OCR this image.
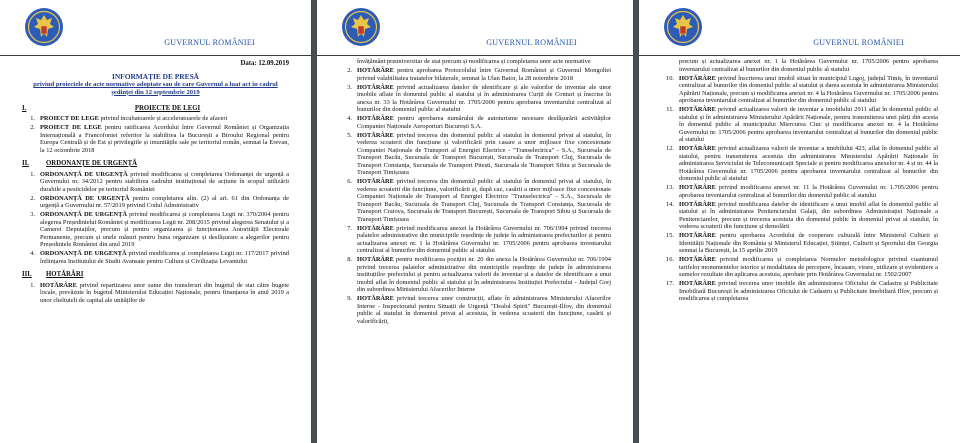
GUVERNUL ROMÂNIEI
Data: 12.09.2019
INFORMAȚIE DE PRESĂ
privind proiectele de acte normative adoptate sau de care Guvernul a luat act în cadrul ședinței din 12 septembrie 2019
I.	PROIECTE DE LEGI
1. PROIECT DE LEGE privind incubatoarele și acceleratoarele de afaceri
2. PROIECT DE LEGE pentru ratificarea Acordului între Guvernul României și Organizația Internațională a Francofoniei referitor la stabilirea la București a Biroului Regional pentru Europa Centrală și de Est și privilegiile și imunitățile sale pe teritoriul român, semnat la Erevan, la 12 octombrie 2018
II.	ORDONANȚE DE URGENȚĂ
1. ORDONANȚĂ DE URGENȚĂ privind modificarea și completarea Ordonanței de urgență a Guvernului nr. 34/2012 pentru stabilirea cadrului instituțional de acțiune în scopul utilizării durabile a pesticidelor pe teritoriul României
2. ORDONANȚĂ DE URGENȚĂ pentru completarea alin. (2) al art. 61 din Ordonanța de urgență a Guvernului nr. 57/2019 privind Codul Administrativ
3. ORDONANȚĂ DE URGENȚĂ privind modificarea și completarea Legii nr. 370/2004 pentru alegerea Președintelui României și modificarea Legii nr. 208/2015 privind alegerea Senatului și a Camerei Deputaților, precum și pentru organizarea și funcționarea Autorității Electorale Permanente, precum și unele măsuri pentru buna organizare și desfășurare a alegerilor pentru Președintele României din anul 2019
4. ORDONANȚĂ DE URGENȚĂ privind modificarea și completarea Legii nr. 117/2017 privind înființarea Institutului de Studii Avansate pentru Cultura și Civilizația Levantului
III.	HOTĂRÂRI
1. HOTĂRÂRE privind repartizarea unor sume din transferuri din bugetul de stat către bugete locale, prevăzute în bugetul Ministerului Educației Naționale, pentru finanțarea în anul 2019 a unor cheltuieli de capital ale unităților de
GUVERNUL ROMÂNIEI
învățământ preuniversitar de stat precum și modificarea și completarea unor acte normative
2. HOTĂRÂRE pentru aprobarea Protocolului între Guvernul României și Guvernul Mongoliei privind valabilitatea tratatelor bilaterale, semnat la Ulan Bator, la 28 noiembrie 2018
3. HOTĂRÂRE privind actualizarea datelor de identificare și ale valorilor de inventar ale unor imobile aflate în domeniul public al statului și în administrarea Curții de Conturi și înscrise în anexa nr. 33 la Hotărârea Guvernului nr. 1705/2006 pentru aprobarea inventarului centralizat al bunurilor din domeniul public al statului
4. HOTĂRÂRE pentru aprobarea numărului de autoturisme necesare desfășurării activităților Companiei Naționale Aeroporturi București S.A.
5. HOTĂRÂRE privind trecerea din domeniul public al statului în domeniul privat al statului, în vederea scoaterii din funcțiune și valorificării prin casare a unor mijloace fixe concesionate Companiei Naționale de Transport al Energiei Electrice - "Transelectrica" - S.A., Sucursala de Transport Bacău, Sucursala de Transport București, Sucursala de Transport Cluj, Sucursala de Transport Constanța, Sucursala de Transport Pitești, Sucursala de Transport Sibiu și Sucursala de Transport Timișoara
6. HOTĂRÂRE privind trecerea din domeniul public al statului în domeniul privat al statului, în vederea scoaterii din funcțiune, valorificării și, după caz, casării a unor mijloace fixe concesionate Companiei Naționale de Transport al Energiei Electrice "Transelectrica" - S.A., Sucursala de Transport Bacău, Sucursala de Transport Cluj, Sucursala de Transport Constanța, Sucursala de Transport Craiova, Sucursala de Transport București, Sucursala de Transport Sibiu și Sucursala de Transport Timișoara
7. HOTĂRÂRE privind modificarea anexei la Hotărârea Guvernului nr. 706/1994 privind trecerea palatelor administrative din municipiile reședințe de județe în administrarea prefecturilor și pentru actualizarea anexei nr. 1 la Hotărârea Guvernului nr. 1705/2006 pentru aprobarea inventarului centralizat al bunurilor din domeniul public al statului
8. HOTĂRÂRE pentru modificarea poziției nr. 20 din anexa la Hotărârea Guvernului nr. 706/1994 privind trecerea palatelor administrative din municipiile reședințe de județe în administrarea instituțiilor prefectului și pentru actualizarea valorii de inventar și a datelor de identificare a unui imobil aflat în domeniul public al statului și în administrarea Instituției Prefectului - Județul Gorj din subordinea Ministerului Afacerilor Interne
9. HOTĂRÂRE privind trecerea unor construcții, aflate în administrarea Ministerului Afacerilor Interne - Inspectoratul pentru Situații de Urgență "Dealul Spirii" București-Ilfov, din domeniul public al statului în domeniul privat al acestuia, în vederea scoaterii din funcțiune, casării și valorificării,
GUVERNUL ROMÂNIEI
precum și actualizarea anexei nr. 1 la Hotărârea Guvernului nr. 1705/2006 pentru aprobarea inventarului centralizat al bunurilor din domeniul public al statului
10. HOTĂRÂRE privind înscrierea unui imobil situat în municipiul Lugoj, județul Timiș, în inventarul centralizat al bunurilor din domeniul public al statului și darea acestuia în administrarea Ministerului Apărării Naționale, precum și modificarea anexei nr. 4 la Hotărârea Guvernului nr. 1705/2006 pentru aprobarea inventarului centralizat al bunurilor din domeniul public al statului
11. HOTĂRÂRE privind actualizarea valorii de inventar a imobilului 2911 aflat în domeniul public al statului și în administrarea Ministerului Apărării Naționale, pentru transmiterea unei părți din acesta în domeniul public al municipiului Miercurea Ciuc și modificarea anexei nr. 4 la Hotărârea Guvernului nr. 1705/2006 pentru aprobarea inventarului centralizat al bunurilor din domeniul public al statului
12. HOTĂRÂRE privind actualizarea valorii de inventar a imobilului 423, aflat în domeniul public al statului, pentru transmiterea acestuia din administrarea Ministerului Apărării Naționale în administrarea Serviciului de Telecomunicații Speciale și pentru modificarea anexelor nr. 4 și nr. 44 la Hotărârea Guvernului nr. 1705/2006 pentru aprobarea inventarului centralizat al bunurilor din domeniul public al statului
13. HOTĂRÂRE privind modificarea anexei nr. 11 la Hotărârea Guvernului nr. 1.705/2006 pentru aprobarea inventarului centralizat al bunurilor din domeniul public al statului
14. HOTĂRÂRE privind modificarea datelor de identificare a unui imobil aflat în domeniul public al statului și în administrarea Penitenciarului Galați, din subordinea Administrației Naționale a Penitenciarelor, precum și trecerea acestuia din domeniul public în domeniul privat al statului, în vederea scoaterii din funcțiune și demolării
15. HOTĂRÂRE pentru aprobarea Acordului de cooperare culturală între Ministerul Culturii și Identității Naționale din România și Ministerul Educației, Științei, Culturii și Sportului din Georgia semnat la București, la 15 aprilie 2019
16. HOTĂRÂRE privind modificarea și completarea Normelor metodologice privind cuantumul tarifelor monumentelor istorice și modalitatea de percepere, încasare, virare, utilizare și evidențiere a sumelor rezultate din aplicarea acestuia, aprobate prin Hotărârea Guvernului nr. 1502/2007
17. HOTĂRÂRE privind trecerea unor imobile din administrarea Oficiului de Cadastru și Publicitate Imobiliară București în administrarea Oficiului de Cadastru și Publicitate Imobiliară Ilfov, precum și modificarea și completarea
